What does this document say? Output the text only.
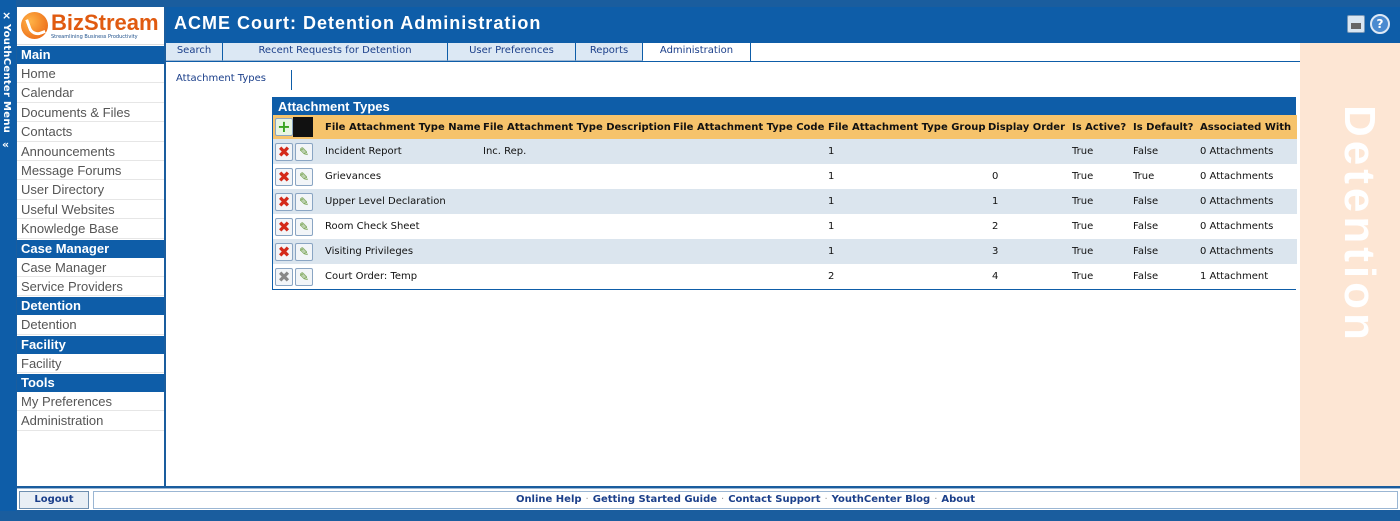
×
YouthCenter Menu
«
BizStream
Streamlining Business Productivity
Main
Home
Calendar
Documents & Files
Contacts
Announcements
Message Forums
User Directory
Useful Websites
Knowledge Base
Case Manager
Case Manager
Service Providers
Detention
Detention
Facility
Facility
Tools
My Preferences
Administration
ACME Court: Detention Administration	?
Search	Recent Requests for Detention	User Preferences	Reports	Administration
Detention
Attachment Types
Attachment Types
+	File Attachment Type Name	File Attachment Type Description	File Attachment Type Code	File Attachment Type Group	Display Order	Is Active?	Is Default?	Associated With
✖ ✎	Incident Report	Inc. Rep.		1		True	False	0 Attachments
✖ ✎	Grievances			1	0	True	True	0 Attachments
✖ ✎	Upper Level Declaration			1	1	True	False	0 Attachments
✖ ✎	Room Check Sheet			1	2	True	False	0 Attachments
✖ ✎	Visiting Privileges			1	3	True	False	0 Attachments
✖ ✎	Court Order: Temp			2	4	True	False	1 Attachment
Logout	Online Help · Getting Started Guide · Contact Support · YouthCenter Blog · About
